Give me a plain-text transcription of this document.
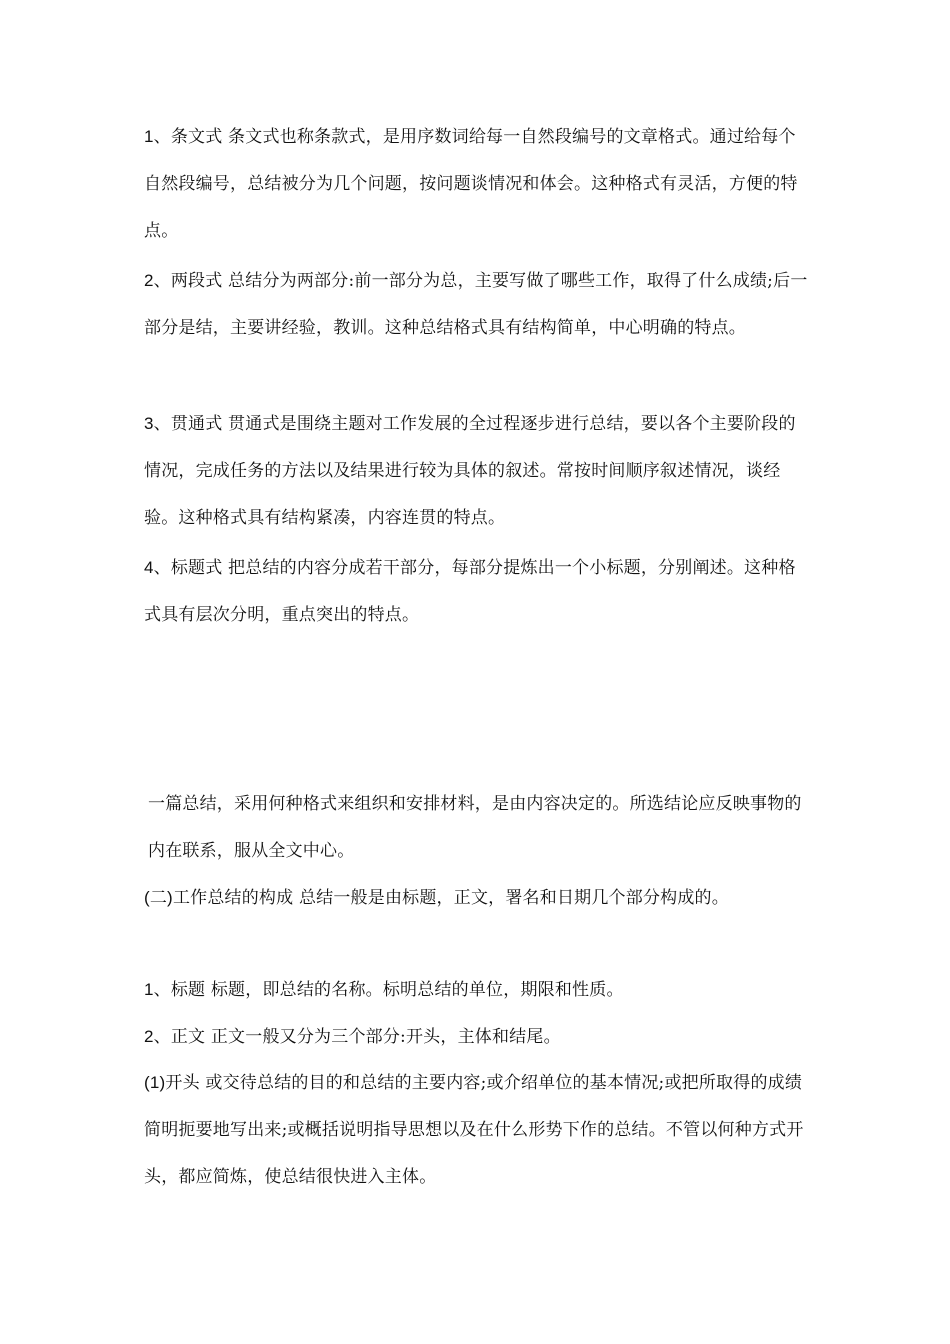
1、条文式 条文式也称条款式，是用序数词给每一自然段编号的文章格式。通过给每个自然段编号，总结被分为几个问题，按问题谈情况和体会。这种格式有灵活，方便的特点。

2、两段式 总结分为两部分:前一部分为总，主要写做了哪些工作，取得了什么成绩;后一部分是结，主要讲经验，教训。这种总结格式具有结构简单，中心明确的特点。

3、贯通式 贯通式是围绕主题对工作发展的全过程逐步进行总结，要以各个主要阶段的情况，完成任务的方法以及结果进行较为具体的叙述。常按时间顺序叙述情况，谈经验。这种格式具有结构紧凑，内容连贯的特点。

4、标题式 把总结的内容分成若干部分，每部分提炼出一个小标题，分别阐述。这种格式具有层次分明，重点突出的特点。

一篇总结，采用何种格式来组织和安排材料，是由内容决定的。所选结论应反映事物的内在联系，服从全文中心。

(二)工作总结的构成 总结一般是由标题，正文，署名和日期几个部分构成的。

1、标题 标题，即总结的名称。标明总结的单位，期限和性质。

2、正文 正文一般又分为三个部分:开头，主体和结尾。

(1)开头 或交待总结的目的和总结的主要内容;或介绍单位的基本情况;或把所取得的成绩简明扼要地写出来;或概括说明指导思想以及在什么形势下作的总结。不管以何种方式开头，都应简炼，使总结很快进入主体。
